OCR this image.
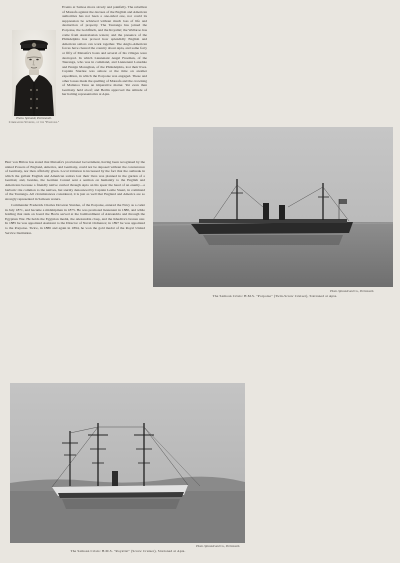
Events at Samoa move slowly and painfully. The rebellion of Mataafa against the decrees of the English and American authorities has not been a one-sided one, nor could its suppression be achieved without much loss of life and destruction of property. The Tauranga has joined the Porpoise, the Goldfinch, and the Royalist; the Wallaroo has come from Australasian waters; and the presence of the Philadelphia has proved how splendidly English and American sailors can work together. The Anglo-American forces have cleared the country about Apia, and some forty or fifty of Mataafa's boats and several of his villages were destroyed. In which Lieutenant Angel Freeman, of the Tauranga, who was in command, and Lieutenant Lansdale and Ensign Monaghan, of the Philadelphia, lost their lives. Captain Sturdee was ashore at the time on another expedition, in which the Porpoise was engaged. These and other losses made the quelling of Mataafa and the crowning of Malietoa Tanu an imperative matter. Yet even then Germany held aloof; and Berlin approved the attitude of her halting representative at Apia.

Photo. Spicandi, Portsmouth.
Commander Sturdee, of the "Porpoise."

Herr von Bülow has stated that Mataafa's provisional Government, having been recognised by the united Powers of England, America, and Germany, could not be deposed without the concurrence of Germany, nor then officially given. Local irritation is increased by the fact that the outbreak in which the gallant English and American sailors lost their lives was planned in the garden of a German; and, besides, the German Consul sent a sermon on humanity to the English and Americans because a friendly native carried through Apia on his spear the head of an enemy—a barbaric rite common to the natives, but sternly denounced by Captain Leslie Stuart, in command of the Tauranga. All circumstances considered, it is just as well that England and America are so strongly represented in Samoan waters.

Commander Frederick Charles Doveton Sturdee, of the Porpoise, entered the Navy as a cadet in July 1871, and became a midshipman in 1875. He was promoted lieutenant in 1880, and while holding that rank on board the Hecla served at the bombardment of Alexandria and through the Egyptian War. He holds the Egyptian medal, the Alexandria clasp, and the Khedive's bronze star. In 1885 he was appointed Assistant to the Director of Naval Ordnance; in 1897 he was appointed to the Porpoise. Twice, in 1886 and again in 1894, he won the gold medal of the Royal United Service Institution.

Photo. Spicandi and Co., Portsmouth.
The Samoan Crisis: H.M.S. "Porpoise" (Twin-Screw Cruiser), Stationed at Apia.
Photo. Spicandi and Co., Portsmouth.
The Samoan Crisis: H.M.S. "Royalist" (Screw Cruiser), Stationed at Apia.
